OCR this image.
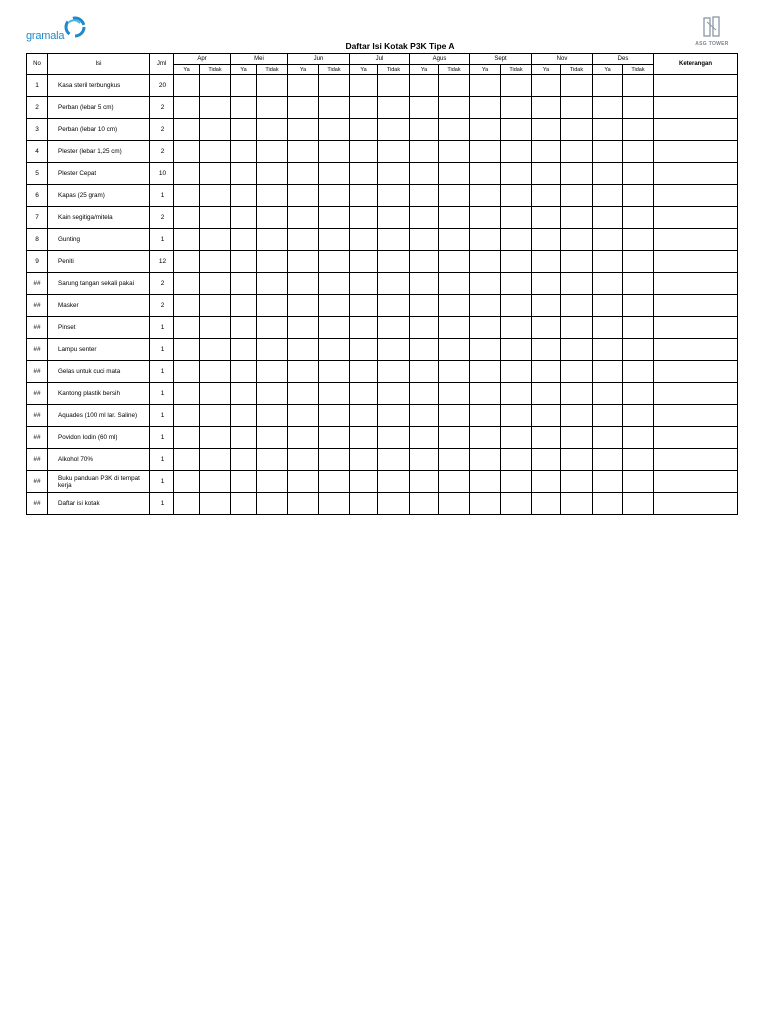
gramala
ASG TOWER
Daftar Isi Kotak P3K Tipe A
No	Isi	Jml	Apr		Mei		Jun		Jul		Agus		Sept		Nov		Des		Keterangan
			Ya	Tidak	Ya	Tidak	Ya	Tidak	Ya	Tidak	Ya	Tidak	Ya	Tidak	Ya	Tidak	Ya	Tidak	
1	Kasa steril terbungkus	20																	
2	Perban (lebar 5 cm)	2																	
3	Perban (lebar 10 cm)	2																	
4	Plester (lebar 1,25 cm)	2																	
5	Plester Cepat	10																	
6	Kapas (25 gram)	1																	
7	Kain segitiga/mitela	2																	
8	Gunting	1																	
9	Peniti	12																	
##	Sarung tangan sekali pakai	2																	
##	Masker	2																	
##	Pinset	1																	
##	Lampu senter	1																	
##	Gelas untuk cuci mata	1																	
##	Kantong plastik bersih	1																	
##	Aquades (100 ml lar. Saline)	1																	
##	Povidon Iodin (60 ml)	1																	
##	Alkohol 70%	1																	
##	Buku panduan P3K di tempat kerja	1																	
##	Daftar isi kotak	1																	
